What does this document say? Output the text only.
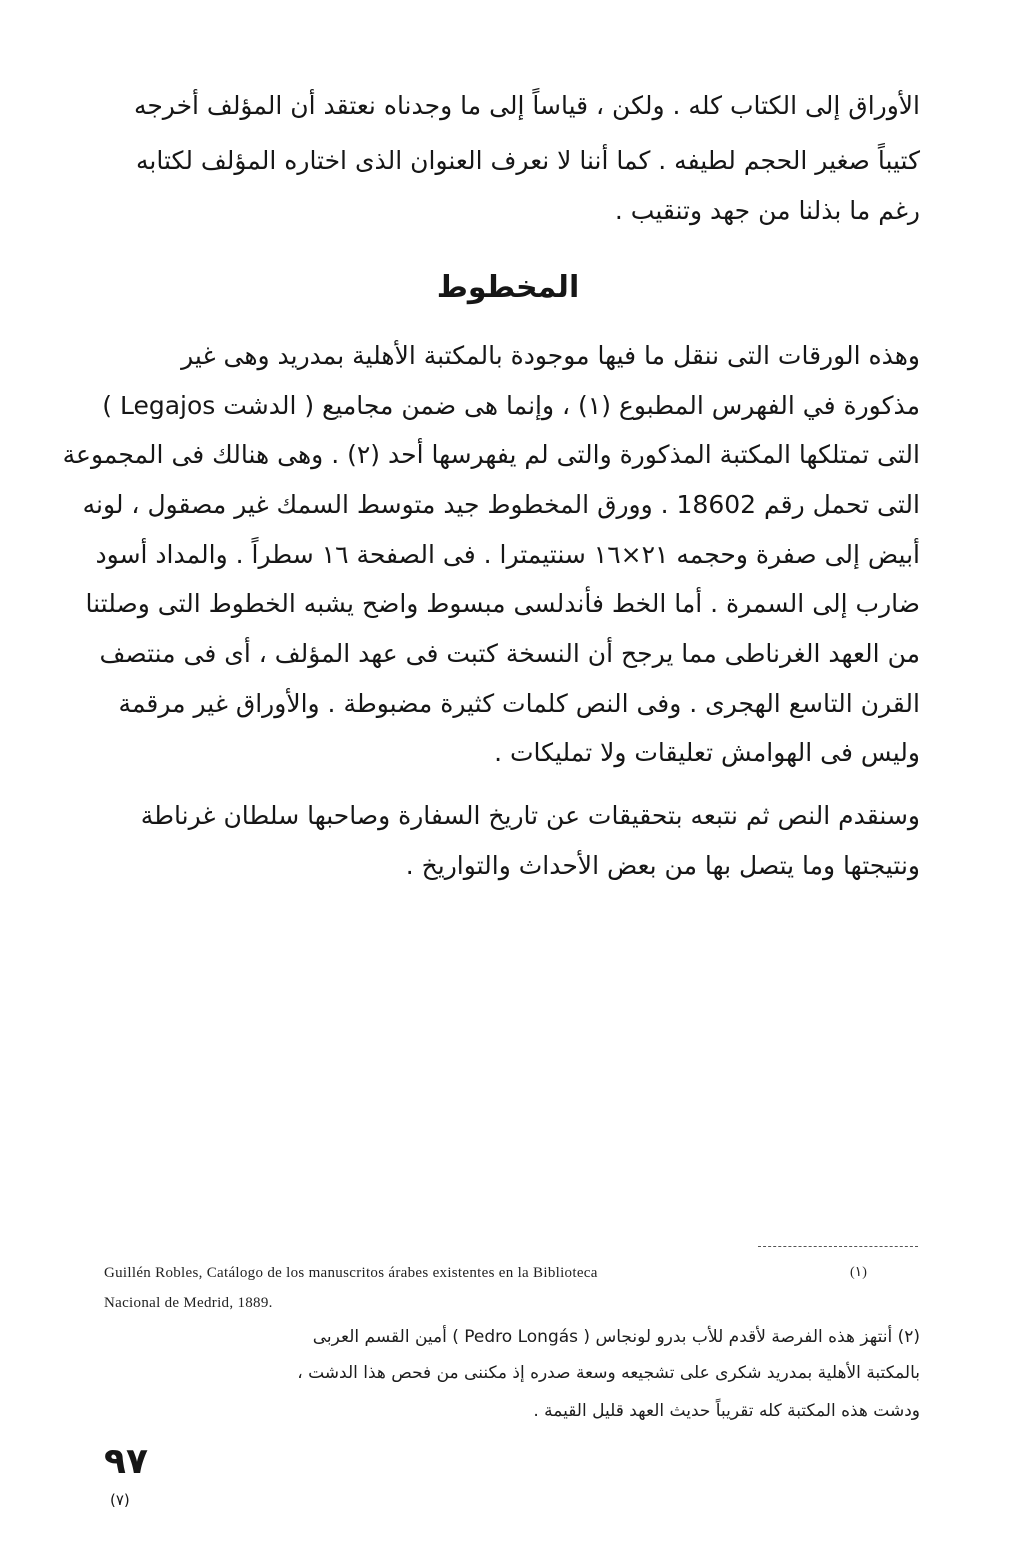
الأوراق إلى الكتاب كله . ولكن ، قياساً إلى ما وجدناه نعتقد أن المؤلف أخرجه
كتيباً صغير الحجم لطيفه . كما أننا لا نعرف العنوان الذى اختاره المؤلف لكتابه
رغم ما بذلنا من جهد وتنقيب .
المخطوط
وهذه الورقات التى ننقل ما فيها موجودة بالمكتبة الأهلية بمدريد وهى غير
مذكورة في الفهرس المطبوع (١) ، وإنما هى ضمن مجاميع ( الدشت Legajos )
التى تمتلكها المكتبة المذكورة والتى لم يفهرسها أحد (٢) . وهى هنالك فى المجموعة
التى تحمل رقم 18602 . وورق المخطوط جيد متوسط السمك غير مصقول ، لونه
أبيض إلى صفرة وحجمه ٢١×١٦ سنتيمترا . فى الصفحة ١٦ سطراً . والمداد أسود
ضارب إلى السمرة . أما الخط فأندلسى مبسوط واضح يشبه الخطوط التى وصلتنا
من العهد الغرناطى مما يرجح أن النسخة كتبت فى عهد المؤلف ، أى فى منتصف
القرن التاسع الهجرى . وفى النص كلمات كثيرة مضبوطة . والأوراق غير مرقمة
وليس فى الهوامش تعليقات ولا تمليكات .
وسنقدم النص ثم نتبعه بتحقيقات عن تاريخ السفارة وصاحبها سلطان غرناطة
ونتيجتها وما يتصل بها من بعض الأحداث والتواريخ .
Guillén Robles, Catálogo de los manuscritos árabes existentes en la Biblioteca	(١)
Nacional de Medrid, 1889.
(٢) أنتهز هذه الفرصة لأقدم للأب بدرو لونجاس ( Pedro Longás ) أمين القسم العربى
بالمكتبة الأهلية بمدريد شكرى على تشجيعه وسعة صدره إذ مكننى من فحص هذا الدشت ،
ودشت هذه المكتبة كله تقريباً حديث العهد قليل القيمة .
٩٧
(٧)
